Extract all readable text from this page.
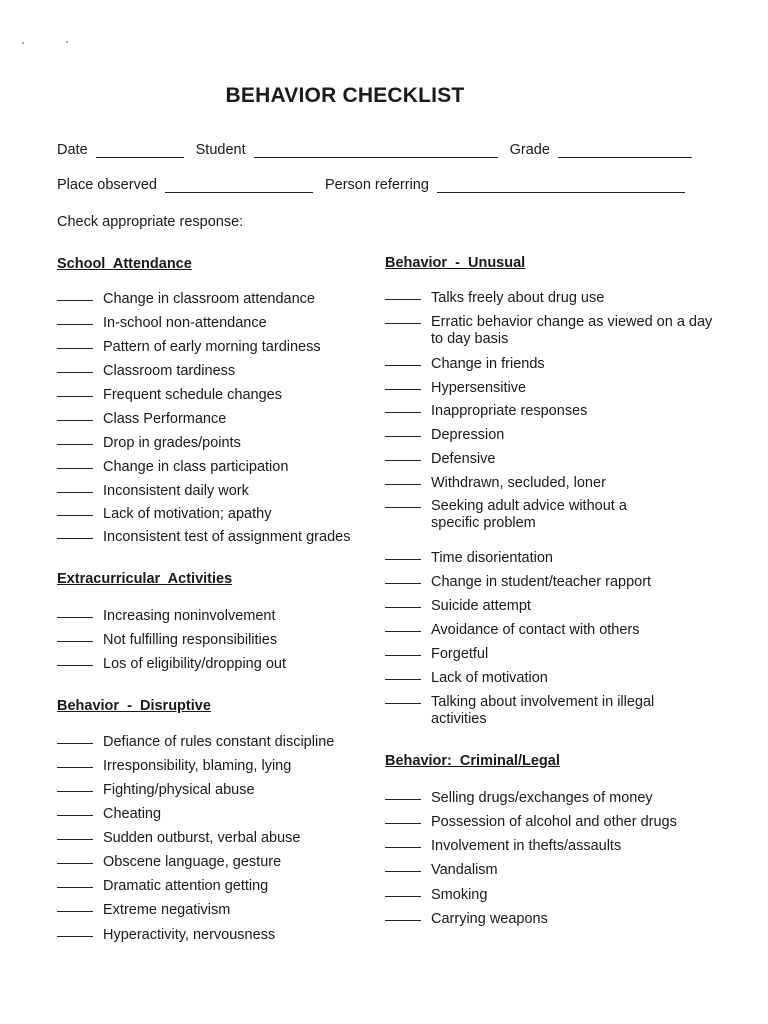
BEHAVIOR CHECKLIST
Date	Student	Grade
Place observed	Person referring
Check appropriate response:
School  Attendance
Change in classroom attendance
In-school non-attendance
Pattern of early morning tardiness
Classroom tardiness
Frequent schedule changes
Class Performance
Drop in grades/points
Change in class participation
Inconsistent daily work
Lack of motivation; apathy
Inconsistent test of assignment grades
Extracurricular  Activities
Increasing noninvolvement
Not fulfilling responsibilities
Los of eligibility/dropping out
Behavior  -  Disruptive
Defiance of rules constant discipline
Irresponsibility, blaming, lying
Fighting/physical abuse
Cheating
Sudden outburst, verbal abuse
Obscene language, gesture
Dramatic attention getting
Extreme negativism
Hyperactivity, nervousness
Behavior  -  Unusual
Talks freely about drug use
Erratic behavior change as viewed on a day to day basis
Change in friends
Hypersensitive
Inappropriate responses
Depression
Defensive
Withdrawn, secluded, loner
Seeking adult advice without a specific problem
Time disorientation
Change in student/teacher rapport
Suicide attempt
Avoidance of contact with others
Forgetful
Lack of motivation
Talking about involvement in illegal activities
Behavior:  Criminal/Legal
Selling drugs/exchanges of money
Possession of alcohol and other drugs
Involvement in thefts/assaults
Vandalism
Smoking
Carrying weapons
